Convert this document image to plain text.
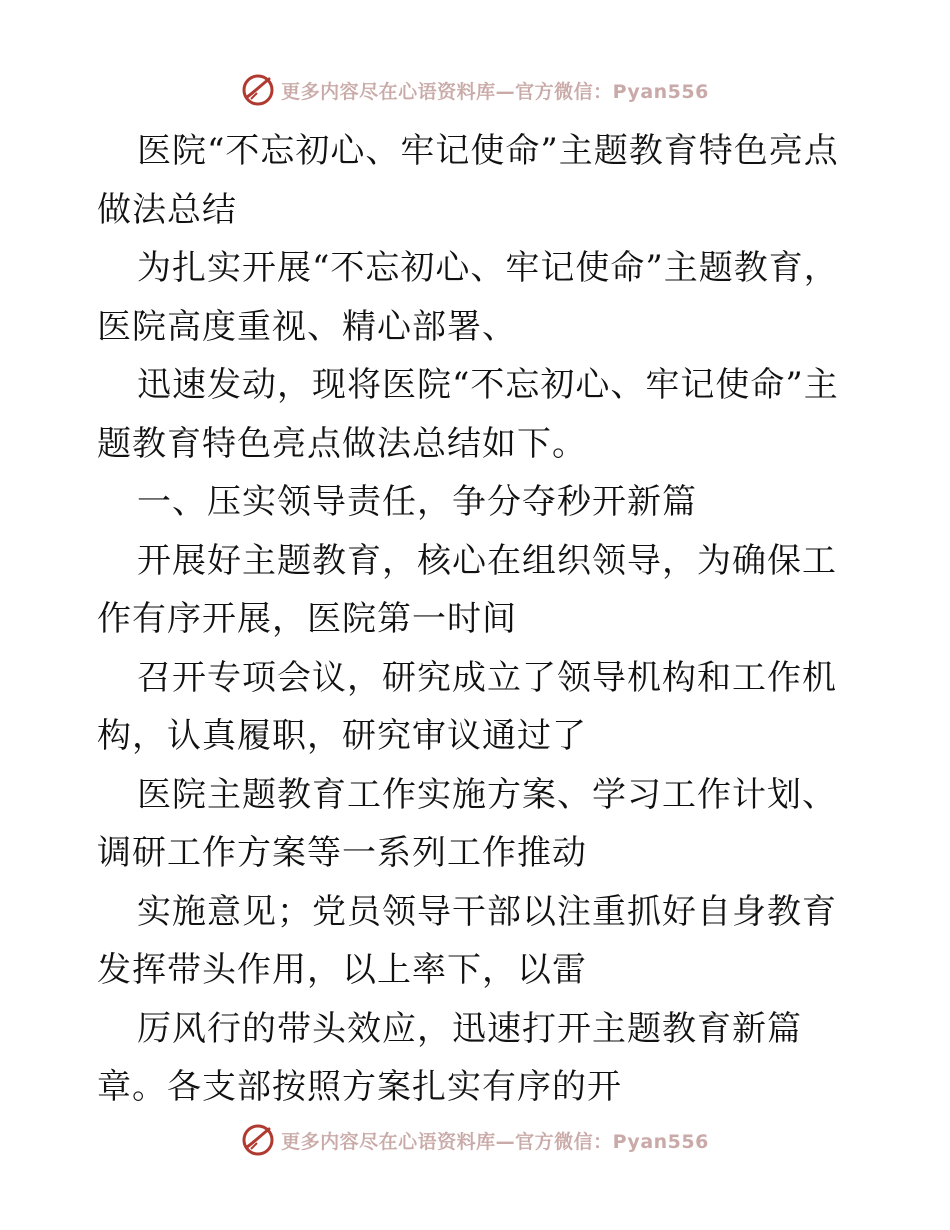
更多内容尽在心语资料库—官方微信：Pyan556

医院“不忘初心、牢记使命”主题教育特色亮点做法总结

为扎实开展“不忘初心、牢记使命”主题教育，医院高度重视、精心部署、

迅速发动，现将医院“不忘初心、牢记使命”主题教育特色亮点做法总结如下。

一、压实领导责任，争分夺秒开新篇

开展好主题教育，核心在组织领导，为确保工作有序开展，医院第一时间

召开专项会议，研究成立了领导机构和工作机构，认真履职，研究审议通过了

医院主题教育工作实施方案、学习工作计划、调研工作方案等一系列工作推动

实施意见；党员领导干部以注重抓好自身教育发挥带头作用，以上率下，以雷

厉风行的带头效应，迅速打开主题教育新篇章。各支部按照方案扎实有序的开

更多内容尽在心语资料库—官方微信：Pyan556
